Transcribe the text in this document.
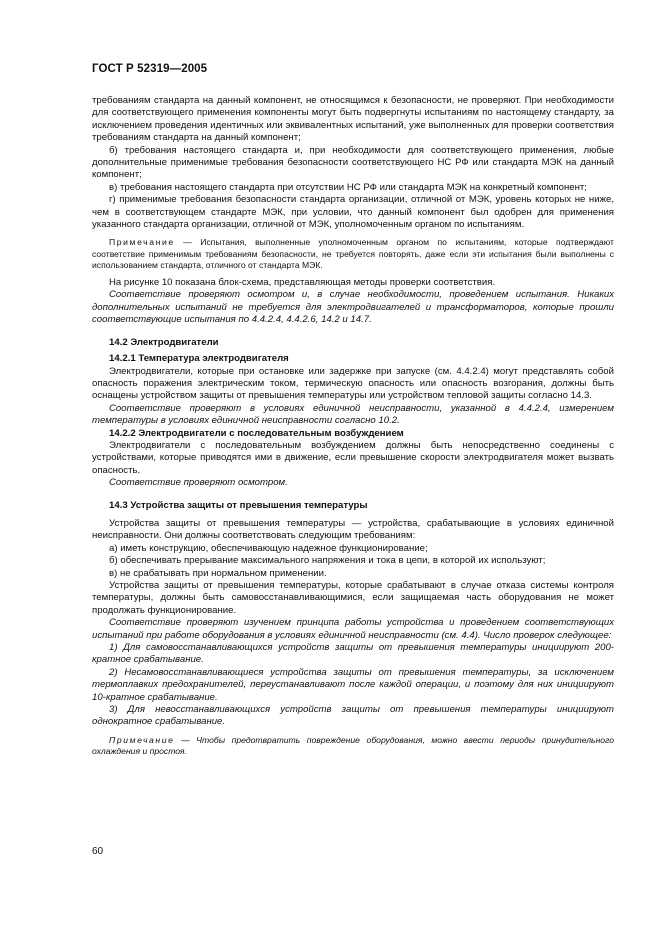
ГОСТ Р 52319—2005

требованиям стандарта на данный компонент, не относящимся к безопасности, не проверяют. При необходимости для соответствующего применения компоненты могут быть подвергнуты испытаниям по настоящему стандарту, за исключением проведения идентичных или эквивалентных испытаний, уже выполненных для проверки соответствия требованиям стандарта на данный компонент;

б) требования настоящего стандарта и, при необходимости для соответствующего применения, любые дополнительные применимые требования безопасности соответствующего НС РФ или стандарта МЭК на данный компонент;

в) требования настоящего стандарта при отсутствии НС РФ или стандарта МЭК на конкретный компонент;

г) применимые требования безопасности стандарта организации, отличной от МЭК, уровень которых не ниже, чем в соответствующем стандарте МЭК, при условии, что данный компонент был одобрен для применения указанного стандарта организации, отличной от МЭК, уполномоченным органом по испытаниям.

Примечание — Испытания, выполненные уполномоченным органом по испытаниям, которые подтверждают соответствие применимым требованиям безопасности, не требуется повторять, даже если эти испытания были выполнены с использованием стандарта, отличного от стандарта МЭК.

На рисунке 10 показана блок-схема, представляющая методы проверки соответствия.

Соответствие проверяют осмотром и, в случае необходимости, проведением испытания. Никаких дополнительных испытаний не требуется для электродвигателей и трансформаторов, которые прошли соответствующие испытания по 4.4.2.4, 4.4.2.6, 14.2 и 14.7.

14.2 Электродвигатели

14.2.1 Температура электродвигателя

Электродвигатели, которые при остановке или задержке при запуске (см. 4.4.2.4) могут представлять собой опасность поражения электрическим током, термическую опасность или опасность возгорания, должны быть оснащены устройством защиты от превышения температуры или устройством тепловой защиты согласно 14.3.

Соответствие проверяют в условиях единичной неисправности, указанной в 4.4.2.4, измерением температуры в условиях единичной неисправности согласно 10.2.

14.2.2 Электродвигатели с последовательным возбуждением

Электродвигатели с последовательным возбуждением должны быть непосредственно соединены с устройствами, которые приводятся ими в движение, если превышение скорости электродвигателя может вызвать опасность.

Соответствие проверяют осмотром.

14.3 Устройства защиты от превышения температуры

Устройства защиты от превышения температуры — устройства, срабатывающие в условиях единичной неисправности. Они должны соответствовать следующим требованиям:

а) иметь конструкцию, обеспечивающую надежное функционирование;

б) обеспечивать прерывание максимального напряжения и тока в цепи, в которой их используют;

в) не срабатывать при нормальном применении.

Устройства защиты от превышения температуры, которые срабатывают в случае отказа системы контроля температуры, должны быть самовосстанавливающимися, если защищаемая часть оборудования не может продолжать функционирование.

Соответствие проверяют изучением принципа работы устройства и проведением соответствующих испытаний при работе оборудования в условиях единичной неисправности (см. 4.4). Число проверок следующее:

1) Для самовосстанавливающихся устройств защиты от превышения температуры инициируют 200-кратное срабатывание.

2) Несамовосстанавливающиеся устройства защиты от превышения температуры, за исключением термоплавких предохранителей, переустанавливают после каждой операции, и поэтому для них инициируют 10-кратное срабатывание.

3) Для невосстанавливающихся устройств защиты от превышения температуры инициируют однократное срабатывание.

Примечание — Чтобы предотвратить повреждение оборудования, можно ввести периоды принудительного охлаждения и простоя.

60
